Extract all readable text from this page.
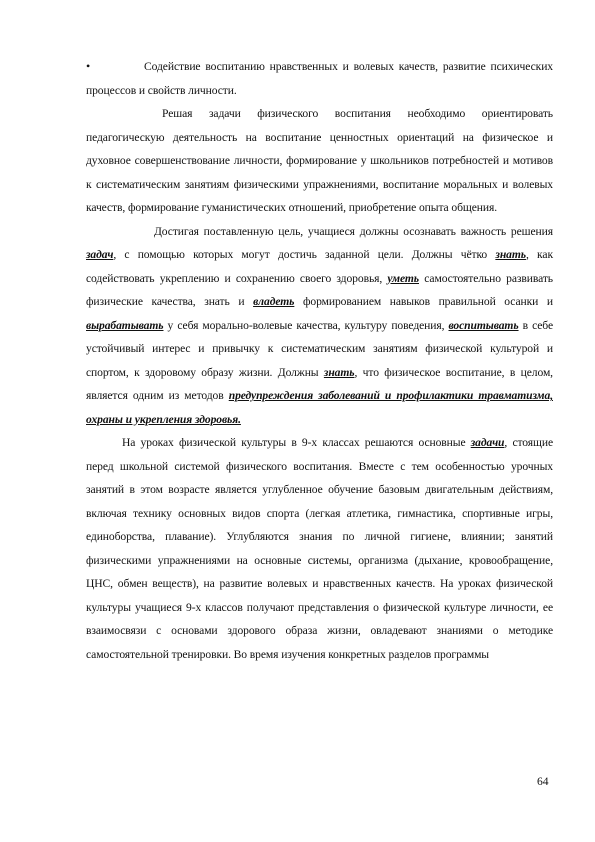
•	Содействие воспитанию нравственных и волевых качеств, развитие психических процессов и свойств личности.

Решая задачи физического воспитания необходимо ориентировать педагогическую деятельность на воспитание ценностных ориентаций на физическое и духовное совершенствование личности, формирование у школьников потребностей и мотивов к систематическим занятиям физическими упражнениями, воспитание моральных и волевых качеств, формирование гуманистических отношений, приобретение опыта общения.

Достигая поставленную цель, учащиеся должны осознавать важность решения задач, с помощью которых могут достичь заданной цели. Должны чётко знать, как содействовать укреплению и сохранению своего здоровья, уметь самостоятельно развивать физические качества, знать и владеть формированием навыков правильной осанки и вырабатывать у себя морально-волевые качества, культуру поведения, воспитывать в себе устойчивый интерес и привычку к систематическим занятиям физической культурой и спортом, к здоровому образу жизни. Должны знать, что физическое воспитание, в целом, является одним из методов предупреждения заболеваний и профилактики травматизма, охраны и укрепления здоровья.

На уроках физической культуры в 9-х классах решаются основные задачи, стоящие перед школьной системой физического воспитания. Вместе с тем особенностью урочных занятий в этом возрасте является углубленное обучение базовым двигательным действиям, включая технику основных видов спорта (легкая атлетика, гимнастика, спортивные игры, единоборства, плавание). Углубляются знания по личной гигиене, влиянии; занятий физическими упражнениями на основные системы, организма (дыхание, кровообращение, ЦНС, обмен веществ), на развитие волевых и нравственных качеств. На уроках физической культуры учащиеся 9-х классов получают представления о физической культуре личности, ее взаимосвязи с основами здорового образа жизни, овладевают знаниями о методике самостоятельной тренировки. Во время изучения конкретных разделов программы

64
